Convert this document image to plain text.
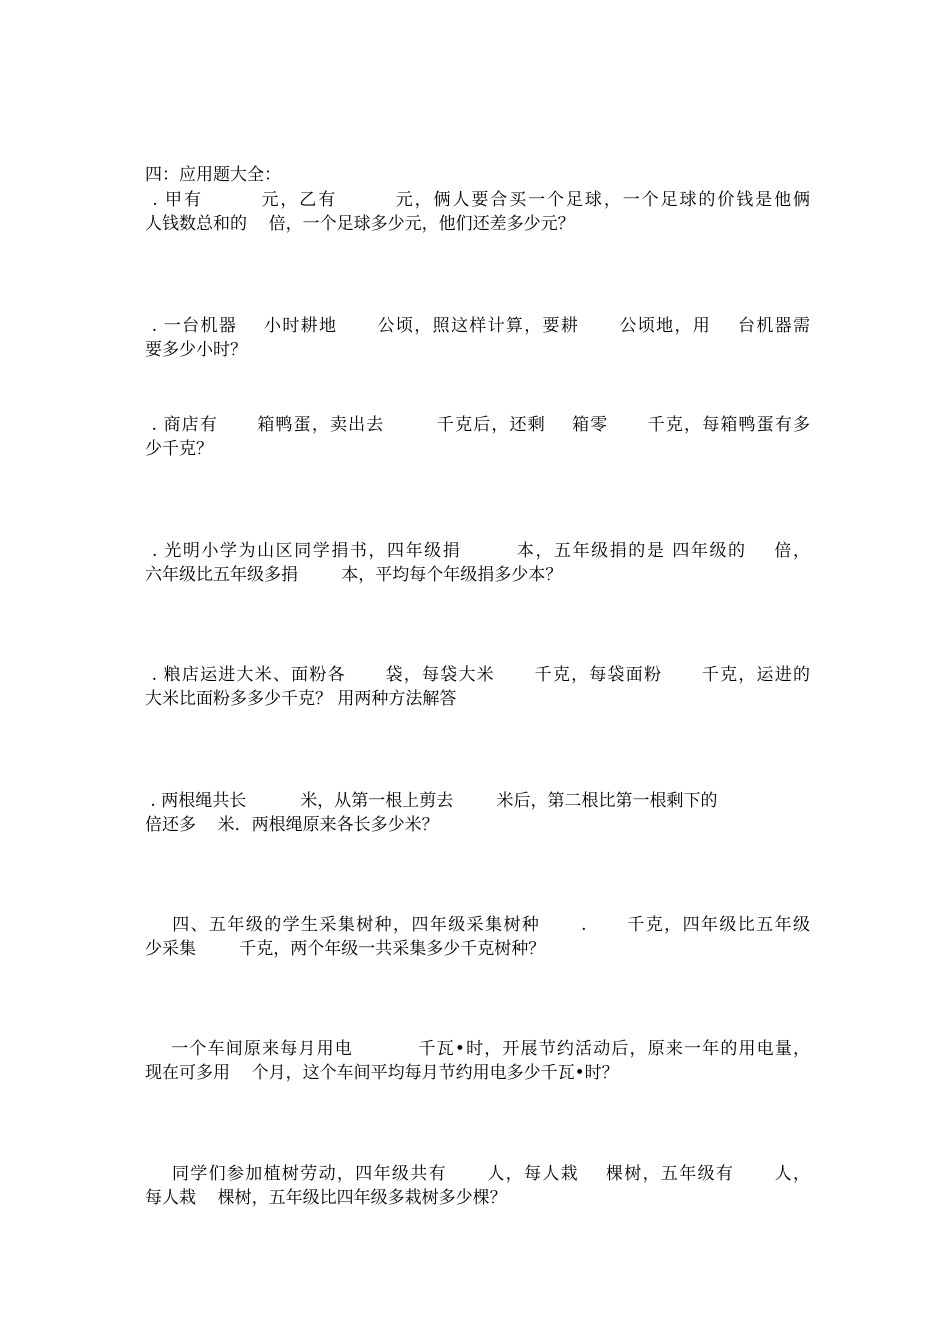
四：应用题大全：
. 甲有        元，乙有        元，俩人要合买一个足球，一个足球的价钱是他俩
人钱数总和的    倍，一个足球多少元，他们还差多少元？
. 一台机器    小时耕地      公顷，照这样计算，要耕      公顷地，用    台机器需
要多少小时？
. 商店有      箱鸭蛋，卖出去        千克后，还剩    箱零      千克，每箱鸭蛋有多
少千克？
. 光明小学为山区同学捐书，四年级捐        本，五年级捐的是 四年级的    倍，
六年级比五年级多捐        本，平均每个年级捐多少本？
. 粮店运进大米、面粉各      袋，每袋大米      千克，每袋面粉      千克，运进的
大米比面粉多多少千克？ 用两种方法解答
. 两根绳共长          米，从第一根上剪去        米后，第二根比第一根剩下的
倍还多    米．两根绳原来各长多少米？
四、五年级的学生采集树种，四年级采集树种      .      千克，四年级比五年级
少采集        千克，两个年级一共采集多少千克树种？
一个车间原来每月用电          千瓦•时，开展节约活动后，原来一年的用电量，
现在可多用    个月，这个车间平均每月节约用电多少千瓦•时？
同学们参加植树劳动，四年级共有      人，每人栽    棵树，五年级有      人，
每人栽    棵树，五年级比四年级多栽树多少棵？
